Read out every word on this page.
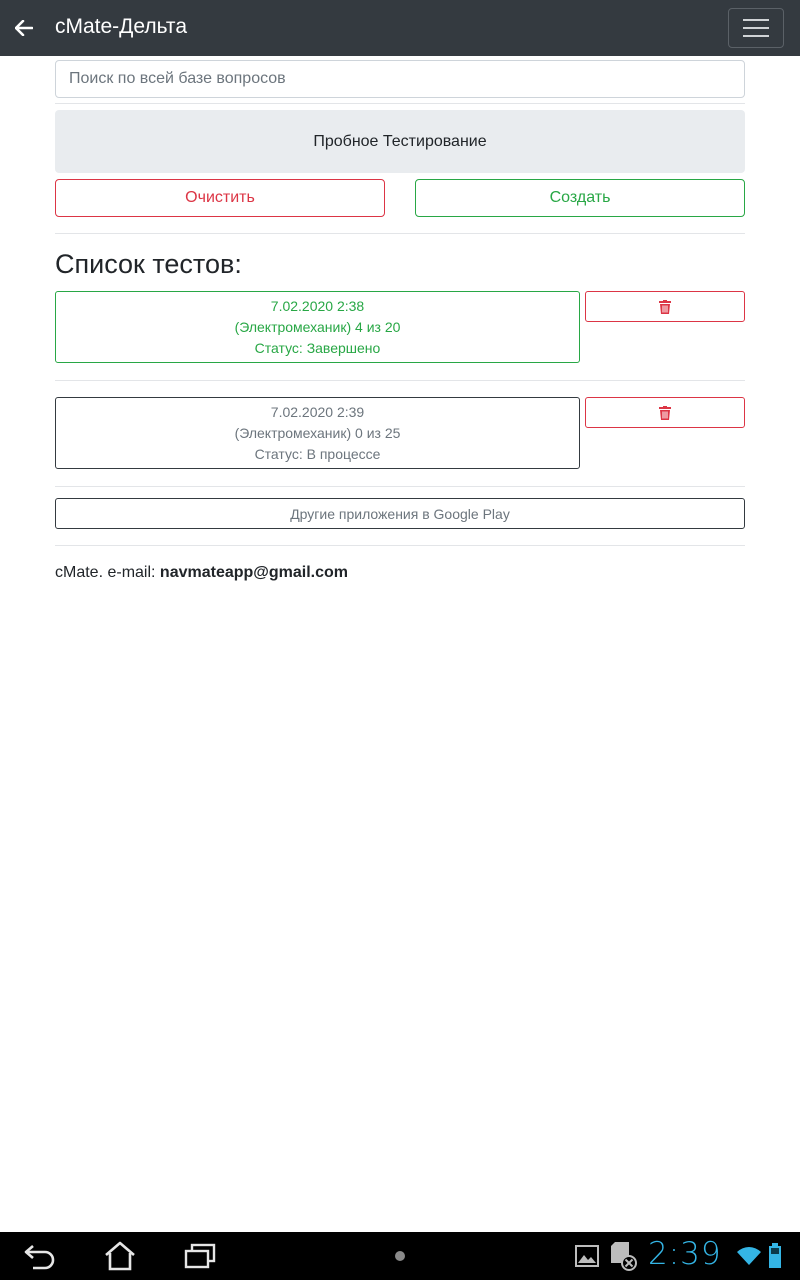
cMate-Дельта
Поиск по всей базе вопросов
Пробное Тестирование
Очистить	Создать
Список тестов:
7.02.2020 2:38
(Электромеханик) 4 из 20
Статус: Завершено
7.02.2020 2:39
(Электромеханик) 0 из 25
Статус: В процессе
Другие приложения в Google Play
cMate. e-mail: navmateapp@gmail.com
2:39
